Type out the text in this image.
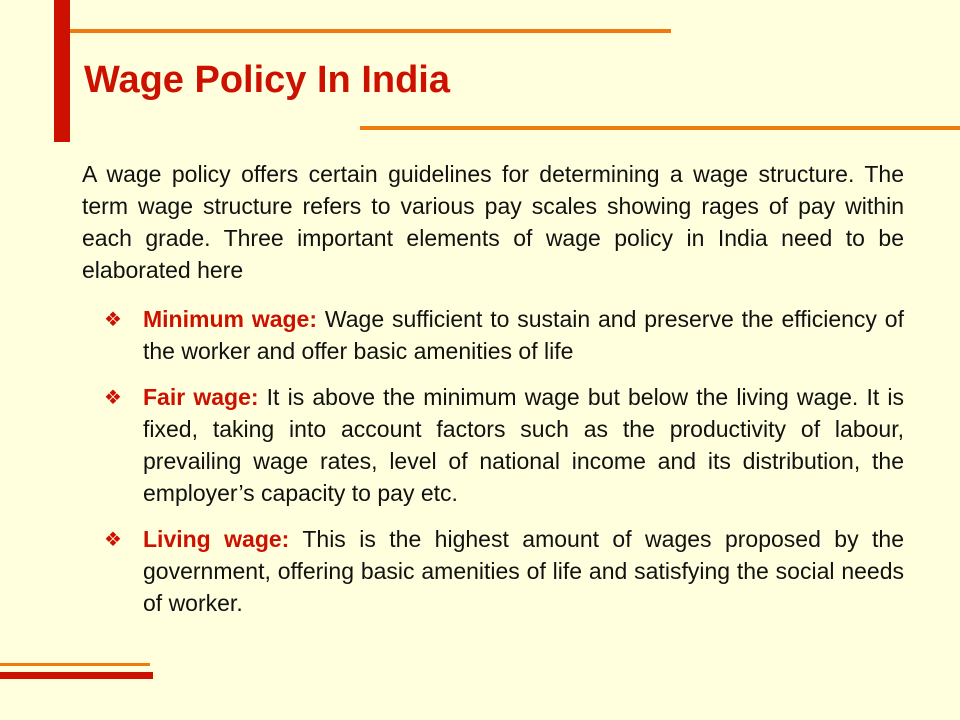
Wage Policy In India

A wage policy offers certain guidelines for determining a wage structure. The term wage structure refers to various pay scales showing rages of pay within each grade. Three important elements of wage policy in India need to be elaborated here

❖ Minimum wage: Wage sufficient to sustain and preserve the efficiency of the worker and offer basic amenities of life
❖ Fair wage: It is above the minimum wage but below the living wage. It is fixed, taking into account factors such as the productivity of labour, prevailing wage rates, level of national income and its distribution, the employer’s capacity to pay etc.
❖ Living wage: This is the highest amount of wages proposed by the government, offering basic amenities of life and satisfying the social needs of worker.
